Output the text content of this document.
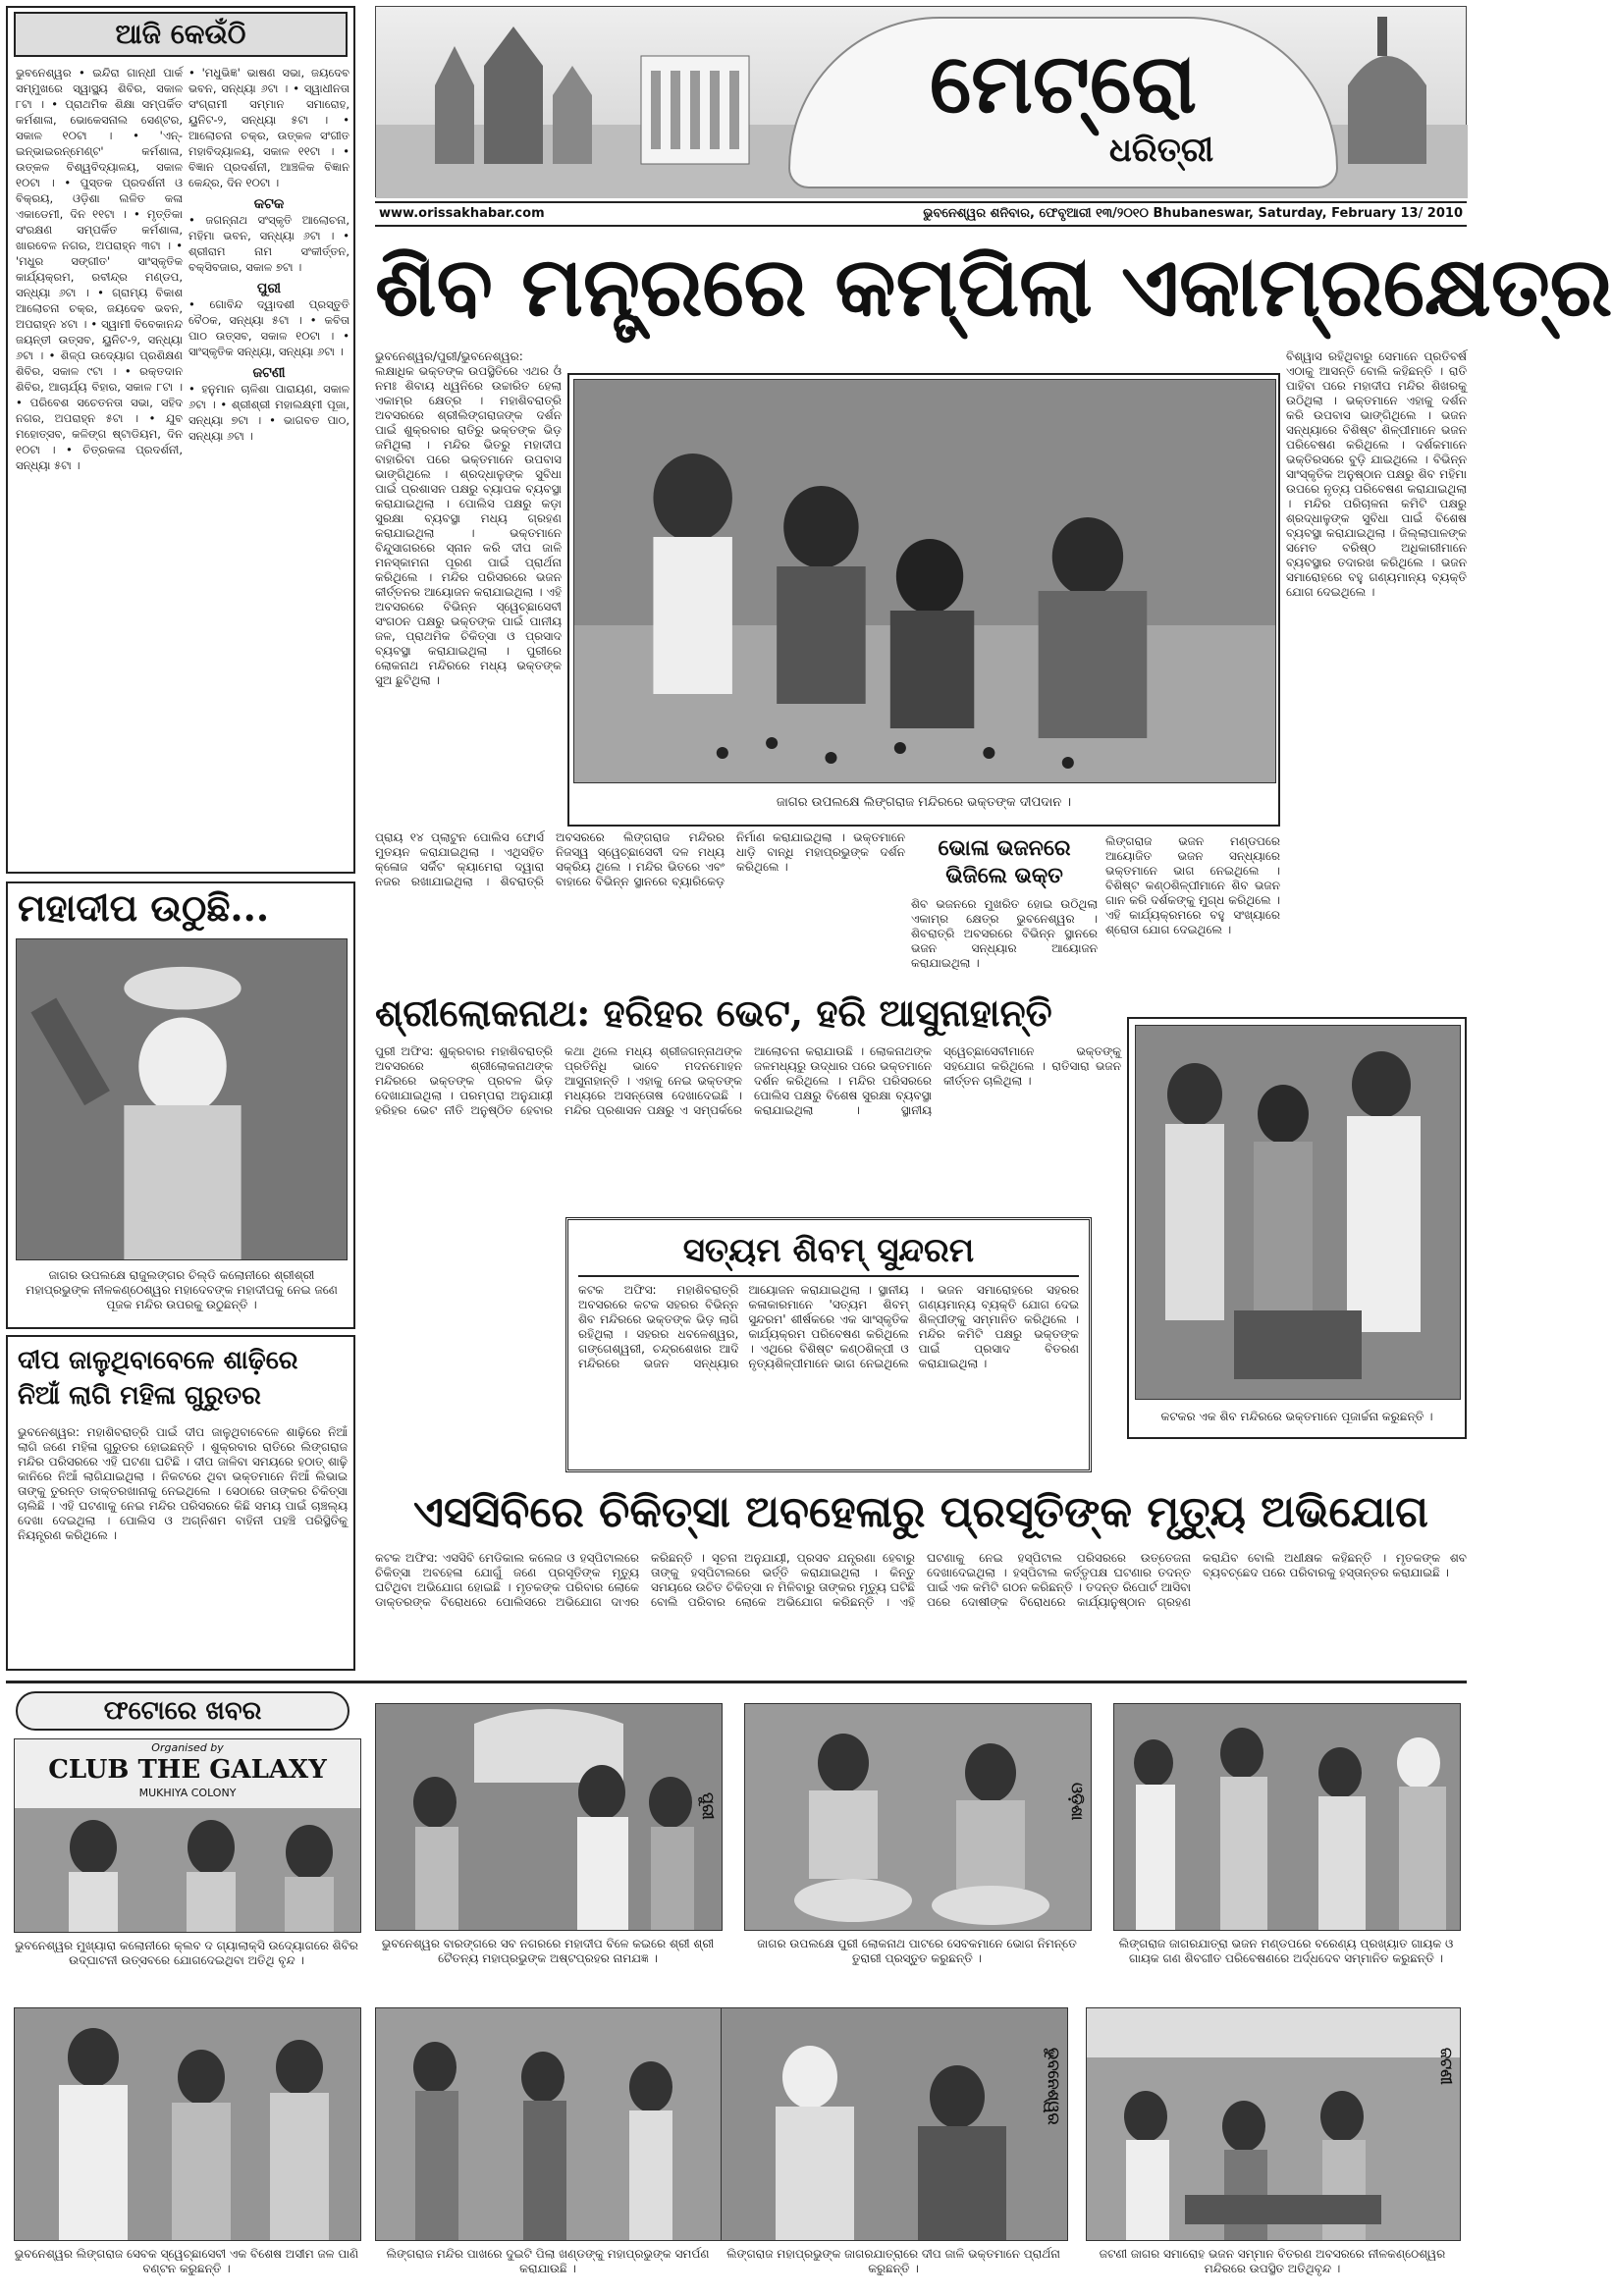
ଆଜି କେଉଁଠି
ଭୁବନେଶ୍ୱର • ଇନ୍ଦିରା ଗାନ୍ଧୀ ପାର୍କ ସମ୍ମୁଖରେ ସ୍ୱାସ୍ଥ୍ୟ ଶିବିର, ସକାଳ ୮ଟା । • ପ୍ରାଥମିକ ଶିକ୍ଷା ସମ୍ପର୍କିତ କର୍ମଶାଳା, ଭୋକେସନାଲ ସେଣ୍ଟର, ସକାଳ ୧୦ଟା । • 'ଏନ୍‌-ଇନ୍‌ଭାଇରନ୍‌ମେଣ୍ଟ' କର୍ମଶାଳା, ଉତ୍କଳ ବିଶ୍ୱବିଦ୍ୟାଳୟ, ସକାଳ ୧୦ଟା । • ପୁସ୍ତକ ପ୍ରଦର୍ଶନୀ ଓ ବିକ୍ରୟ, ଓଡ଼ିଶା ଲଳିତ କଳା ଏକାଡେମୀ, ଦିନ ୧୧ଟା । • ମୃତ୍ତିକା ସଂରକ୍ଷଣ ସମ୍ପର୍କିତ କର୍ମଶାଳା, ଖାରବେଳ ନଗର, ଅପରାହ୍ନ ୩ଟା । • 'ମଧୁର ସଙ୍ଗୀତ' ସାଂସ୍କୃତିକ କାର୍ଯ୍ୟକ୍ରମ, ରବୀନ୍ଦ୍ର ମଣ୍ଡପ, ସନ୍ଧ୍ୟା ୬ଟା । • ଗ୍ରାମ୍ୟ ବିକାଶ ଆଲୋଚନା ଚକ୍ର, ଜୟଦେବ ଭବନ, ଅପରାହ୍ନ ୪ଟା । • ସ୍ୱାମୀ ବିବେକାନନ୍ଦ ଜୟନ୍ତୀ ଉତ୍ସବ, ୟୁନିଟ-୨, ସନ୍ଧ୍ୟା ୬ଟା । • ଶିଳ୍ପ ଉଦ୍ୟୋଗ ପ୍ରଶିକ୍ଷଣ ଶିବିର, ସକାଳ ୯ଟା । • ରକ୍ତଦାନ ଶିବିର, ଆଚାର୍ଯ୍ୟ ବିହାର, ସକାଳ ୮ଟା । • ପରିବେଶ ସଚେତନତା ସଭା, ସହିଦ ନଗର, ଅପରାହ୍ନ ୫ଟା । • ଯୁବ ମହୋତ୍ସବ, କଳିଙ୍ଗ ଷ୍ଟାଡିୟମ, ଦିନ ୧୦ଟା । • ଚିତ୍ରକଳା ପ୍ରଦର୍ଶନୀ, ସନ୍ଧ୍ୟା ୫ଟା ।
• 'ମଧୁଭିଜ୍ଞ' ଭାଷଣ ସଭା, ଜୟଦେବ ଭବନ, ସନ୍ଧ୍ୟା ୬ଟା । • ସ୍ୱାଧୀନତା ସଂଗ୍ରାମୀ ସମ୍ମାନ ସମାରୋହ, ୟୁନିଟ-୨, ସନ୍ଧ୍ୟା ୫ଟା । • ଆଲୋଚନା ଚକ୍ର, ଉତ୍କଳ ସଂଗୀତ ମହାବିଦ୍ୟାଳୟ, ସକାଳ ୧୧ଟା । • ବିଜ୍ଞାନ ପ୍ରଦର୍ଶନୀ, ଆଞ୍ଚଳିକ ବିଜ୍ଞାନ କେନ୍ଦ୍ର, ଦିନ ୧୦ଟା ।
କଟକ
• ଜଗନ୍ନାଥ ସଂସ୍କୃତି ଆଲୋଚନା, ମହିମା ଭବନ, ସନ୍ଧ୍ୟା ୬ଟା । • ଶ୍ରୀରାମ ନାମ ସଂକୀର୍ତ୍ତନ, ବକ୍ସିବଜାର, ସକାଳ ୭ଟା ।
ପୁରୀ
• ଗୋବିନ୍ଦ ଦ୍ୱାଦଶୀ ପ୍ରସ୍ତୁତି ବୈଠକ, ସନ୍ଧ୍ୟା ୫ଟା । • କବିତା ପାଠ ଉତ୍ସବ, ସକାଳ ୧୦ଟା । • ସାଂସ୍କୃତିକ ସନ୍ଧ୍ୟା, ସନ୍ଧ୍ୟା ୬ଟା ।
ଜଟଣୀ
• ହନୁମାନ ଚାଳିଶା ପାରାୟଣ, ସକାଳ ୬ଟା । • ଶ୍ରୀଶ୍ରୀ ମହାଲକ୍ଷ୍ମୀ ପୂଜା, ସନ୍ଧ୍ୟା ୭ଟା । • ଭାଗବତ ପାଠ, ସନ୍ଧ୍ୟା ୬ଟା ।
ମେଟ୍ରୋ
ଧରିତ୍ରୀ
www.orissakhabar.com	ଭୁବନେଶ୍ୱର ଶନିବାର, ଫେବୃଆରୀ ୧୩/୨୦୧୦ Bhubaneswar, Saturday, February 13/ 2010
ଶିବ ମନ୍ତ୍ରରେ କମ୍ପିଲା ଏକାମ୍ରକ୍ଷେତ୍ର
ଭୁବନେଶ୍ୱର/ପୁରୀ/ଭୁବନେଶ୍ୱର: ଲକ୍ଷାଧିକ ଭକ୍ତଙ୍କ ଉପସ୍ଥିତିରେ ଏଥର ଓଁ ନମଃ ଶିବାୟ ଧ୍ୱନିରେ ଉଚ୍ଚାରିତ ହେଲା ଏକାମ୍ର କ୍ଷେତ୍ର । ମହାଶିବରାତ୍ରି ଅବସରରେ ଶ୍ରୀଲିଙ୍ଗରାଜଙ୍କ ଦର୍ଶନ ପାଇଁ ଶୁକ୍ରବାର ରାତିରୁ ଭକ୍ତଙ୍କ ଭିଡ଼ ଜମିଥିଲା । ମନ୍ଦିର ଭିତରୁ ମହାଦୀପ ବାହାରିବା ପରେ ଭକ୍ତମାନେ ଉପବାସ ଭାଙ୍ଗିଥିଲେ । ଶ୍ରଦ୍ଧାଳୁଙ୍କ ସୁବିଧା ପାଇଁ ପ୍ରଶାସନ ପକ୍ଷରୁ ବ୍ୟାପକ ବ୍ୟବସ୍ଥା କରାଯାଇଥିଲା । ପୋଲିସ ପକ୍ଷରୁ କଡ଼ା ସୁରକ୍ଷା ବ୍ୟବସ୍ଥା ମଧ୍ୟ ଗ୍ରହଣ କରାଯାଇଥିଲା । ଭକ୍ତମାନେ ବିନ୍ଦୁସାଗରରେ ସ୍ନାନ କରି ଦୀପ ଜାଳି ମନସ୍କାମନା ପୂରଣ ପାଇଁ ପ୍ରାର୍ଥନା କରିଥିଲେ । ମନ୍ଦିର ପରିସରରେ ଭଜନ କୀର୍ତ୍ତନର ଆୟୋଜନ କରାଯାଇଥିଲା । ଏହି ଅବସରରେ ବିଭିନ୍ନ ସ୍ୱେଚ୍ଛାସେବୀ ସଂଗଠନ ପକ୍ଷରୁ ଭକ୍ତଙ୍କ ପାଇଁ ପାନୀୟ ଜଳ, ପ୍ରାଥମିକ ଚିକିତ୍ସା ଓ ପ୍ରସାଦ ବ୍ୟବସ୍ଥା କରାଯାଇଥିଲା । ପୁରୀରେ ଲୋକନାଥ ମନ୍ଦିରରେ ମଧ୍ୟ ଭକ୍ତଙ୍କ ସୁଅ ଛୁଟିଥିଲା ।
ଜାଗର ଉପଲକ୍ଷେ ଲିଙ୍ଗରାଜ ମନ୍ଦିରରେ ଭକ୍ତଙ୍କ ଦୀପଦାନ ।
ବିଶ୍ୱାସ ରହିଥିବାରୁ ସେମାନେ ପ୍ରତିବର୍ଷ ଏଠାକୁ ଆସନ୍ତି ବୋଲି କହିଛନ୍ତି । ରାତି ପାହିବା ପରେ ମହାଦୀପ ମନ୍ଦିର ଶିଖରକୁ ଉଠିଥିଲା । ଭକ୍ତମାନେ ଏହାକୁ ଦର୍ଶନ କରି ଉପବାସ ଭାଙ୍ଗିଥିଲେ । ଭଜନ ସନ୍ଧ୍ୟାରେ ବିଶିଷ୍ଟ ଶିଳ୍ପୀମାନେ ଭଜନ ପରିବେଷଣ କରିଥିଲେ । ଦର୍ଶକମାନେ ଭକ୍ତିରସରେ ବୁଡ଼ି ଯାଇଥିଲେ । ବିଭିନ୍ନ ସାଂସ୍କୃତିକ ଅନୁଷ୍ଠାନ ପକ୍ଷରୁ ଶିବ ମହିମା ଉପରେ ନୃତ୍ୟ ପରିବେଷଣ କରାଯାଇଥିଲା । ମନ୍ଦିର ପରିଚାଳନା କମିଟି ପକ୍ଷରୁ ଶ୍ରଦ୍ଧାଳୁଙ୍କ ସୁବିଧା ପାଇଁ ବିଶେଷ ବ୍ୟବସ୍ଥା କରାଯାଇଥିଲା । ଜିଲ୍ଲାପାଳଙ୍କ ସମେତ ବରିଷ୍ଠ ଅଧିକାରୀମାନେ ବ୍ୟବସ୍ଥାର ତଦାରଖ କରିଥିଲେ । ଭଜନ ସମାରୋହରେ ବହୁ ଗଣ୍ୟମାନ୍ୟ ବ୍ୟକ୍ତି ଯୋଗ ଦେଇଥିଲେ ।
ପ୍ରାୟ ୧୪ ପ୍ଲାଟୁନ ପୋଲିସ ଫୋର୍ସ ମୁତୟନ କରାଯାଇଥିଲା । ଏଥିସହିତ କ୍ଳୋଜ ସର୍କିଟ କ୍ୟାମେରା ଦ୍ୱାରା ନଜର ରଖାଯାଇଥିଲା । ଶିବରାତ୍ରି ଅବସରରେ ଲିଙ୍ଗରାଜ ମନ୍ଦିରର ନିଜସ୍ୱ ସ୍ୱେଚ୍ଛାସେବୀ ଦଳ ମଧ୍ୟ ସକ୍ରିୟ ଥିଲେ । ମନ୍ଦିର ଭିତରେ ଏବଂ ବାହାରେ ବିଭିନ୍ନ ସ୍ଥାନରେ ବ୍ୟାରିକେଡ଼ ନିର୍ମାଣ କରାଯାଇଥିଲା । ଭକ୍ତମାନେ ଧାଡ଼ି ବାନ୍ଧି ମହାପ୍ରଭୁଙ୍କ ଦର୍ଶନ କରିଥିଲେ ।
ଭୋଳା ଭଜନରେ ଭିଜିଲେ ଭକ୍ତ
ଶିବ ଭଜନରେ ମୁଖରିତ ହୋଇ ଉଠିଥିଲା ଏକାମ୍ର କ୍ଷେତ୍ର ଭୁବନେଶ୍ୱର । ଶିବରାତ୍ରି ଅବସରରେ ବିଭିନ୍ନ ସ୍ଥାନରେ ଭଜନ ସନ୍ଧ୍ୟାର ଆୟୋଜନ କରାଯାଇଥିଲା ।
ଲିଙ୍ଗରାଜ ଭଜନ ମଣ୍ଡପରେ ଆୟୋଜିତ ଭଜନ ସନ୍ଧ୍ୟାରେ ଭକ୍ତମାନେ ଭାଗ ନେଇଥିଲେ । ବିଶିଷ୍ଟ କଣ୍ଠଶିଳ୍ପୀମାନେ ଶିବ ଭଜନ ଗାନ କରି ଦର୍ଶକଙ୍କୁ ମୁଗ୍ଧ କରିଥିଲେ । ଏହି କାର୍ଯ୍ୟକ୍ରମରେ ବହୁ ସଂଖ୍ୟାରେ ଶ୍ରୋତା ଯୋଗ ଦେଇଥିଲେ ।
ମହାଦୀପ ଉଠୁଛି...
ଜାଗର ଉପଲକ୍ଷେ ରାଜୁଲଙ୍ଗର ଚିଲ୍ଡି କଲୋନୀରେ ଶ୍ରୀଶ୍ରୀ ମହାପ୍ରଭୁଙ୍କ ନୀଳକଣ୍ଠେଶ୍ୱର ମହାଦେବଙ୍କ ମହାଦୀପକୁ ନେଇ ଜଣେ ପୂଜକ ମନ୍ଦିର ଉପରକୁ ଉଠୁଛନ୍ତି ।
ଦୀପ ଜାଳୁଥିବାବେଳେ ଶାଢ଼ିରେ ନିଆଁ ଲାଗି ମହିଳା ଗୁରୁତର
ଭୁବନେଶ୍ୱର: ମହାଶିବରାତ୍ରି ପାଇଁ ଦୀପ ଜାଳୁଥିବାବେଳେ ଶାଢ଼ିରେ ନିଆଁ ଲାଗି ଜଣେ ମହିଳା ଗୁରୁତର ହୋଇଛନ୍ତି । ଶୁକ୍ରବାର ରାତିରେ ଲିଙ୍ଗରାଜ ମନ୍ଦିର ପରିସରରେ ଏହି ଘଟଣା ଘଟିଛି । ଦୀପ ଜାଳିବା ସମୟରେ ହଠାତ୍ ଶାଢ଼ି କାନିରେ ନିଆଁ ଲାଗିଯାଇଥିଲା । ନିକଟରେ ଥିବା ଭକ୍ତମାନେ ନିଆଁ ଲିଭାଇ ତାଙ୍କୁ ତୁରନ୍ତ ଡାକ୍ତରଖାନାକୁ ନେଇଥିଲେ । ସେଠାରେ ତାଙ୍କର ଚିକିତ୍ସା ଚାଲିଛି । ଏହି ଘଟଣାକୁ ନେଇ ମନ୍ଦିର ପରିସରରେ କିଛି ସମୟ ପାଇଁ ଚାଞ୍ଚଲ୍ୟ ଦେଖା ଦେଇଥିଲା । ପୋଲିସ ଓ ଅଗ୍ନିଶମ ବାହିନୀ ପହଞ୍ଚି ପରିସ୍ଥିତିକୁ ନିୟନ୍ତ୍ରଣ କରିଥିଲେ ।
ଶ୍ରୀଲୋକନାଥ: ହରିହର ଭେଟ, ହରି ଆସୁନାହାନ୍ତି
ପୁରୀ ଅଫିସ: ଶୁକ୍ରବାର ମହାଶିବରାତ୍ରି ଅବସରରେ ଶ୍ରୀଲୋକନାଥଙ୍କ ମନ୍ଦିରରେ ଭକ୍ତଙ୍କ ପ୍ରବଳ ଭିଡ଼ ଦେଖାଯାଇଥିଲା । ପରମ୍ପରା ଅନୁଯାୟୀ ହରିହର ଭେଟ ନୀତି ଅନୁଷ୍ଠିତ ହେବାର କଥା ଥିଲେ ମଧ୍ୟ ଶ୍ରୀଜଗନ୍ନାଥଙ୍କ ପ୍ରତିନିଧି ଭାବେ ମଦନମୋହନ ଆସୁନାହାନ୍ତି । ଏହାକୁ ନେଇ ଭକ୍ତଙ୍କ ମଧ୍ୟରେ ଅସନ୍ତୋଷ ଦେଖାଦେଇଛି । ମନ୍ଦିର ପ୍ରଶାସନ ପକ୍ଷରୁ ଏ ସମ୍ପର୍କରେ ଆଲୋଚନା କରାଯାଉଛି । ଲୋକନାଥଙ୍କ ଜଳମଧ୍ୟରୁ ଉଦ୍ଧାର ପରେ ଭକ୍ତମାନେ ଦର୍ଶନ କରିଥିଲେ । ମନ୍ଦିର ପରିସରରେ ପୋଲିସ ପକ୍ଷରୁ ବିଶେଷ ସୁରକ୍ଷା ବ୍ୟବସ୍ଥା କରାଯାଇଥିଲା । ସ୍ଥାନୀୟ ସ୍ୱେଚ୍ଛାସେବୀମାନେ ଭକ୍ତଙ୍କୁ ସହଯୋଗ କରିଥିଲେ । ରାତିସାରା ଭଜନ କୀର୍ତ୍ତନ ଚାଲିଥିଲା ।
କଟକର ଏକ ଶିବ ମନ୍ଦିରରେ ଭକ୍ତମାନେ ପୂଜାର୍ଚ୍ଚନା କରୁଛନ୍ତି ।
ସତ୍ୟମ ଶିବମ୍ ସୁନ୍ଦରମ
କଟକ ଅଫିସ: ମହାଶିବରାତ୍ରି ଅବସରରେ କଟକ ସହରର ବିଭିନ୍ନ ଶିବ ମନ୍ଦିରରେ ଭକ୍ତଙ୍କ ଭିଡ଼ ଲାଗି ରହିଥିଲା । ସହରର ଧବଳେଶ୍ୱର, ଗଙ୍ଗେଶ୍ୱରୀ, ଚନ୍ଦ୍ରଶେଖର ଆଦି ମନ୍ଦିରରେ ଭଜନ ସନ୍ଧ୍ୟାର ଆୟୋଜନ କରାଯାଇଥିଲା । ସ୍ଥାନୀୟ କଳାକାରମାନେ 'ସତ୍ୟମ ଶିବମ୍ ସୁନ୍ଦରମ' ଶୀର୍ଷକରେ ଏକ ସାଂସ୍କୃତିକ କାର୍ଯ୍ୟକ୍ରମ ପରିବେଷଣ କରିଥିଲେ । ଏଥିରେ ବିଶିଷ୍ଟ କଣ୍ଠଶିଳ୍ପୀ ଓ ନୃତ୍ୟଶିଳ୍ପୀମାନେ ଭାଗ ନେଇଥିଲେ । ଭଜନ ସମାରୋହରେ ସହରର ଗଣ୍ୟମାନ୍ୟ ବ୍ୟକ୍ତି ଯୋଗ ଦେଇ ଶିଳ୍ପୀଙ୍କୁ ସମ୍ମାନିତ କରିଥିଲେ । ମନ୍ଦିର କମିଟି ପକ୍ଷରୁ ଭକ୍ତଙ୍କ ପାଇଁ ପ୍ରସାଦ ବିତରଣ କରାଯାଇଥିଲା ।
ଏସସିବିରେ ଚିକିତ୍ସା ଅବହେଳାରୁ ପ୍ରସୂତିଙ୍କ ମୃତ୍ୟୁ ଅଭିଯୋଗ
କଟକ ଅଫିସ: ଏସସିବି ମେଡିକାଲ କଲେଜ ଓ ହସ୍ପିଟାଲରେ ଚିକିତ୍ସା ଅବହେଳା ଯୋଗୁଁ ଜଣେ ପ୍ରସୂତିଙ୍କ ମୃତ୍ୟୁ ଘଟିଥିବା ଅଭିଯୋଗ ହୋଇଛି । ମୃତକଙ୍କ ପରିବାର ଲୋକେ ଡାକ୍ତରଙ୍କ ବିରୋଧରେ ପୋଲିସରେ ଅଭିଯୋଗ ଦାଏର କରିଛନ୍ତି । ସୂଚନା ଅନୁଯାୟୀ, ପ୍ରସବ ଯନ୍ତ୍ରଣା ହେବାରୁ ତାଙ୍କୁ ହସ୍ପିଟାଲରେ ଭର୍ତ୍ତି କରାଯାଇଥିଲା । କିନ୍ତୁ ସମୟରେ ଉଚିତ ଚିକିତ୍ସା ନ ମିଳିବାରୁ ତାଙ୍କର ମୃତ୍ୟୁ ଘଟିଛି ବୋଲି ପରିବାର ଲୋକେ ଅଭିଯୋଗ କରିଛନ୍ତି । ଏହି ଘଟଣାକୁ ନେଇ ହସ୍ପିଟାଲ ପରିସରରେ ଉତ୍ତେଜନା ଦେଖାଦେଇଥିଲା । ହସ୍ପିଟାଲ କର୍ତ୍ତୃପକ୍ଷ ଘଟଣାର ତଦନ୍ତ ପାଇଁ ଏକ କମିଟି ଗଠନ କରିଛନ୍ତି । ତଦନ୍ତ ରିପୋର୍ଟ ଆସିବା ପରେ ଦୋଷୀଙ୍କ ବିରୋଧରେ କାର୍ଯ୍ୟାନୁଷ୍ଠାନ ଗ୍ରହଣ କରାଯିବ ବୋଲି ଅଧୀକ୍ଷକ କହିଛନ୍ତି । ମୃତକଙ୍କ ଶବ ବ୍ୟବଚ୍ଛେଦ ପରେ ପରିବାରକୁ ହସ୍ତାନ୍ତର କରାଯାଇଛି ।
ଫଟୋରେ ଖବର
Organised by
CLUB THE GALAXY
MUKHIYA COLONY
ଭୁବନେଶ୍ୱର ମୁଖ୍ୟାରା କଲୋନୀରେ କ୍ଲବ ଦ ଗ୍ୟାଲାକ୍ସି ଉଦ୍ୟୋଗରେ ଶିବିର ଉଦ୍‌ଘାଟନୀ ଉତ୍ସବରେ ଯୋଗଦେଇଥିବା ଅତିଥି ବୃନ୍ଦ ।
ପୁରୀ
ଭୁବନେଶ୍ୱର ବାରଙ୍ଗରେ ସବ ନଗରରେ ମହାଦୀପ ବିଳେ କଇରେ ଶ୍ରୀ ଶ୍ରୀ ଚୈତନ୍ୟ ମହାପ୍ରଭୁଙ୍କ ଅଷ୍ଟପ୍ରହର ନାମଯଜ୍ଞ ।
ଓଡ଼ିଶା
ଜାଗର ଉପଲକ୍ଷେ ପୁରୀ ଲୋକନାଥ ପାଟରେ ସେବକମାନେ ଭୋଗ ନିମନ୍ତେ ତୁରାରୀ ପ୍ରସ୍ତୁତ କରୁଛନ୍ତି ।
ଲିଙ୍ଗରାଜ ଜାଗରଯାତ୍ରା ଭଜନ ମଣ୍ଡପରେ ବରେଣ୍ୟ ପ୍ରଖ୍ୟାତ ଗାୟକ ଓ ଗାୟକ ଗଣ ଶିବଗୀତ ପରିବେଷଣରେ ଅର୍ଦ୍ଧଦେବ ସମ୍ମାନିତ କରୁଛନ୍ତି ।
ଭୁବନେଶ୍ୱର ଲିଙ୍ଗରାଜ ସେବକ ସ୍ୱେଚ୍ଛାସେବୀ ଏକ ବିଶେଷ ଅସୀମ ଜଳ ପାଣି ବଣ୍ଟନ କରୁଛନ୍ତି ।
ଲିଙ୍ଗରାଜ ମନ୍ଦିର ପାଖରେ ଦୁଇଟି ପିଲା ଖଣ୍ଡଙ୍କୁ ମହାପ୍ରଭୁଙ୍କ ସମର୍ପଣ କରାଯାଉଛି ।
ଭୁବନେଶ୍ୱର
ଲିଙ୍ଗରାଜ ମହାପ୍ରଭୁଙ୍କ ଜାଗରଯାତ୍ରାରେ ଦୀପ ଜାଳି ଭକ୍ତମାନେ ପ୍ରାର୍ଥନା କରୁଛନ୍ତି ।
ଜଟଣୀ
ଜଟଣୀ ଜାଗର ସମାରୋହ ଭଜନ ସମ୍ମାନ ବିତରଣ ଅବସରରେ ନୀଳକଣ୍ଠେଶ୍ୱର ମନ୍ଦିରରେ ଉପସ୍ଥିତ ଅତିଥିବୃନ୍ଦ ।
